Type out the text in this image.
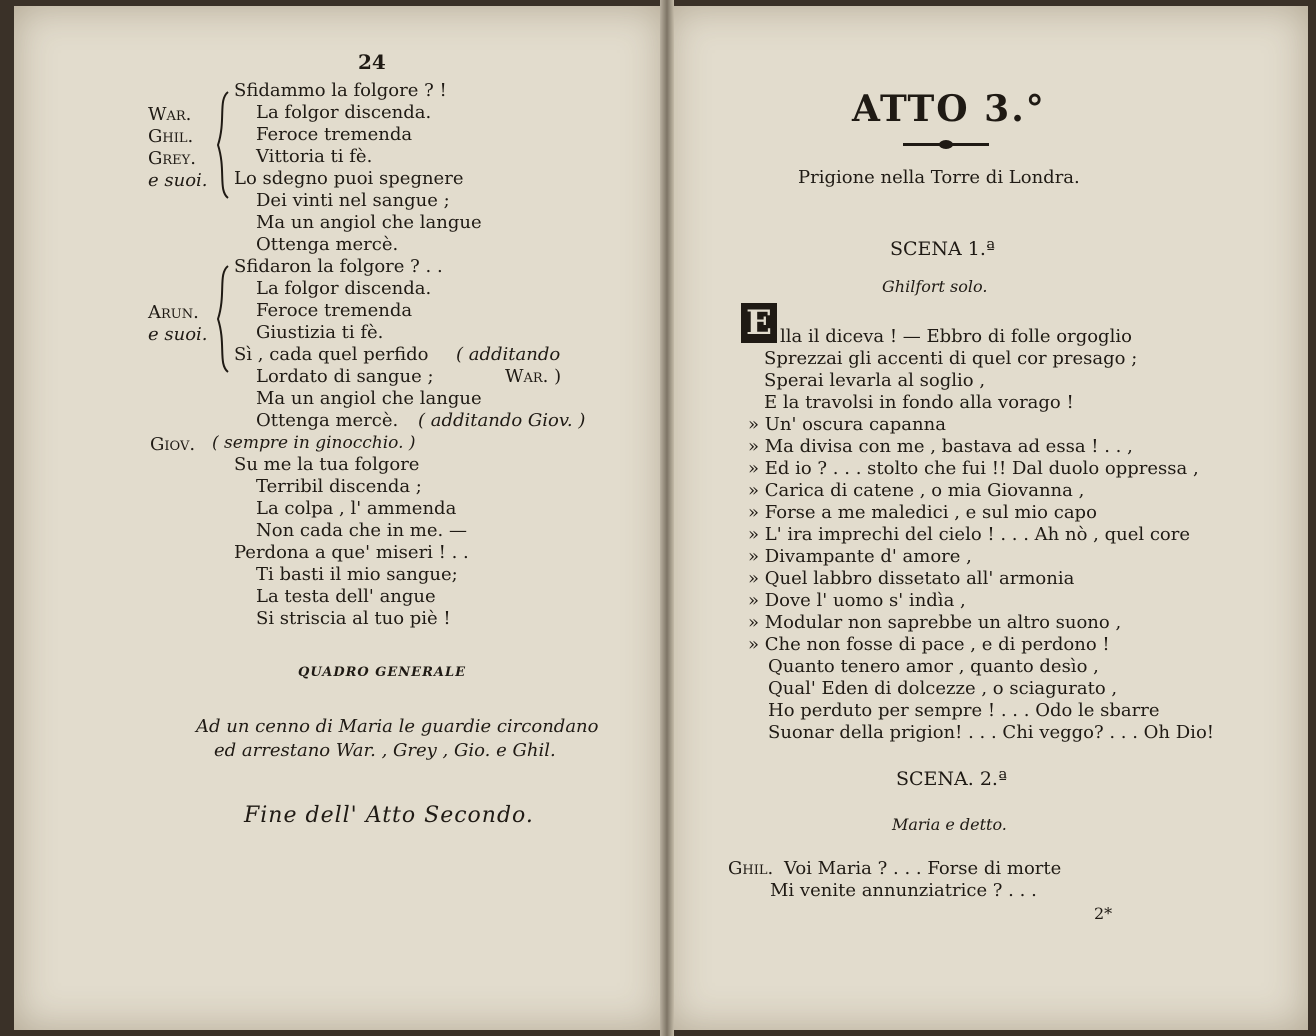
24
War.
Ghil.
Grey.
e suoi.
Sfidammo la folgore ? !
La folgor discenda.
Feroce tremenda
Vittoria ti fè.
Lo sdegno puoi spegnere
Dei vinti nel sangue ;
Ma un angiol che langue
Ottenga mercè.
Arun.
e suoi.
Sfidaron la folgore ? . .
La folgor discenda.
Feroce tremenda
Giustizia ti fè.
Sì , cada quel perfido ( additando
Lordato di sangue ;	War. )
Ma un angiol che langue
Ottenga mercè. ( additando Giov. )
Giov. ( sempre in ginocchio. )
Su me la tua folgore
Terribil discenda ;
La colpa , l' ammenda
Non cada che in me. —
Perdona a que' miseri ! . .
Ti basti il mio sangue;
La testa dell' angue
Si striscia al tuo piè !
QUADRO GENERALE
Ad un cenno di Maria le guardie circondano
ed arrestano War. , Grey , Gio. e Ghil.
Fine dell' Atto Secondo.
ATTO 3.°
Prigione nella Torre di Londra.
SCENA 1.ª
Ghilfort solo.
E lla il diceva ! — Ebbro di folle orgoglio
Sprezzai gli accenti di quel cor presago ;
Sperai levarla al soglio ,
E la travolsi in fondo alla vorago !
» Un' oscura capanna
» Ma divisa con me , bastava ad essa ! . . ,
» Ed io ? . . . stolto che fui !! Dal duolo oppressa ,
» Carica di catene , o mia Giovanna ,
» Forse a me maledici , e sul mio capo
» L' ira imprechi del cielo ! . . . Ah nò , quel core
» Divampante d' amore ,
» Quel labbro dissetato all' armonia
» Dove l' uomo s' indìa ,
» Modular non saprebbe un altro suono ,
» Che non fosse di pace , e di perdono !
Quanto tenero amor , quanto desìo ,
Qual' Eden di dolcezze , o sciagurato ,
Ho perduto per sempre ! . . . Odo le sbarre
Suonar della prigion! . . . Chi veggo? . . . Oh Dio!
SCENA. 2.ª
Maria e detto.
Ghil. Voi Maria ? . . . Forse di morte
Mi venite annunziatrice ? . . .
2*
